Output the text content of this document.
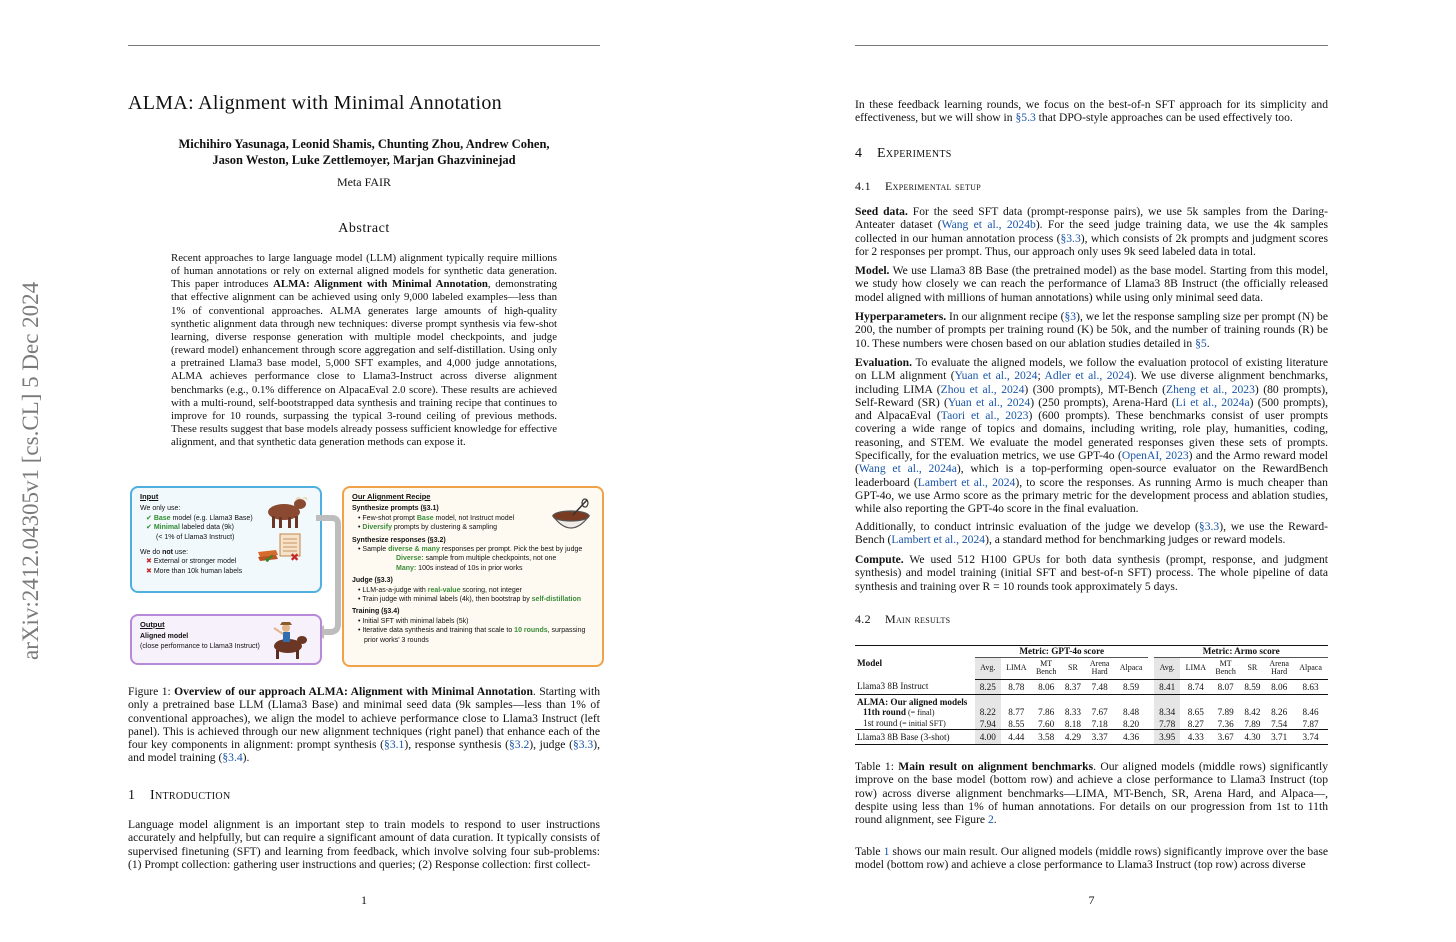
arXiv:2412.04305v1 [cs.CL] 5 Dec 2024
ALMA: Alignment with Minimal Annotation
Michihiro Yasunaga, Leonid Shamis, Chunting Zhou, Andrew Cohen,
Jason Weston, Luke Zettlemoyer, Marjan Ghazvininejad
Meta FAIR
Abstract
Recent approaches to large language model (LLM) alignment typically require millions of human annotations or rely on external aligned models for synthetic data generation. This paper introduces ALMA: Alignment with Minimal Annotation, demonstrating that effective alignment can be achieved using only 9,000 labeled examples—less than 1% of conventional approaches. ALMA generates large amounts of high-quality synthetic alignment data through new techniques: diverse prompt synthesis via few-shot learning, diverse response generation with multiple model checkpoints, and judge (reward model) enhancement through score aggregation and self-distillation. Using only a pretrained Llama3 base model, 5,000 SFT examples, and 4,000 judge annotations, ALMA achieves performance close to Llama3-Instruct across diverse alignment benchmarks (e.g., 0.1% difference on AlpacaEval 2.0 score). These results are achieved with a multi-round, self-bootstrapped data synthesis and training recipe that continues to improve for 10 rounds, surpassing the typical 3-round ceiling of previous methods. These results suggest that base models already possess sufficient knowledge for effective alignment, and that synthetic data generation methods can expose it.
Input
We only use:
✔ Base model (e.g. Llama3 Base)
✔ Minimal labeled data (9k)
(< 1% of Llama3 Instruct)
We do not use:
✖ External or stronger model
✖ More than 10k human labels
✔ ✖
Output
Aligned model
(close performance to Llama3 Instruct)
Our Alignment Recipe
Synthesize prompts (§3.1)
• Few-shot prompt Base model, not Instruct model
• Diversify prompts by clustering & sampling
Synthesize responses (§3.2)
• Sample diverse & many responses per prompt. Pick the best by judge
Diverse: sample from multiple checkpoints, not one
Many: 100s instead of 10s in prior works
Judge (§3.3)
• LLM-as-a-judge with real-value scoring, not integer
• Train judge with minimal labels (4k), then bootstrap by self-distillation
Training (§3.4)
• Initial SFT with minimal labels (5k)
• Iterative data synthesis and training that scale to 10 rounds, surpassing
prior works' 3 rounds
Figure 1: Overview of our approach ALMA: Alignment with Minimal Annotation. Starting with only a pretrained base LLM (Llama3 Base) and minimal seed data (9k samples—less than 1% of conventional approaches), we align the model to achieve performance close to Llama3 Instruct (left panel). This is achieved through our new alignment techniques (right panel) that enhance each of the four key components in alignment: prompt synthesis (§3.1), response synthesis (§3.2), judge (§3.3), and model training (§3.4).
1 Introduction
Language model alignment is an important step to train models to respond to user instructions accurately and helpfully, but can require a significant amount of data curation. It typically consists of supervised finetuning (SFT) and learning from feedback, which involve solving four sub-problems: (1) Prompt collection: gathering user instructions and queries; (2) Response collection: first collect-
1
In these feedback learning rounds, we focus on the best-of-n SFT approach for its simplicity and effectiveness, but we will show in §5.3 that DPO-style approaches can be used effectively too.
4 Experiments
4.1 Experimental setup
Seed data. For the seed SFT data (prompt-response pairs), we use 5k samples from the Daring-Anteater dataset (Wang et al., 2024b). For the seed judge training data, we use the 4k samples collected in our human annotation process (§3.3), which consists of 2k prompts and judgment scores for 2 responses per prompt. Thus, our approach only uses 9k seed labeled data in total.
Model. We use Llama3 8B Base (the pretrained model) as the base model. Starting from this model, we study how closely we can reach the performance of Llama3 8B Instruct (the officially released model aligned with millions of human annotations) while using only minimal seed data.
Hyperparameters. In our alignment recipe (§3), we let the response sampling size per prompt (N) be 200, the number of prompts per training round (K) be 50k, and the number of training rounds (R) be 10. These numbers were chosen based on our ablation studies detailed in §5.
Evaluation. To evaluate the aligned models, we follow the evaluation protocol of existing literature on LLM alignment (Yuan et al., 2024; Adler et al., 2024). We use diverse alignment benchmarks, including LIMA (Zhou et al., 2024) (300 prompts), MT-Bench (Zheng et al., 2023) (80 prompts), Self-Reward (SR) (Yuan et al., 2024) (250 prompts), Arena-Hard (Li et al., 2024a) (500 prompts), and AlpacaEval (Taori et al., 2023) (600 prompts). These benchmarks consist of user prompts covering a wide range of topics and domains, including writing, role play, humanities, coding, reasoning, and STEM. We evaluate the model generated responses given these sets of prompts. Specifically, for the evaluation metrics, we use GPT-4o (OpenAI, 2023) and the Armo reward model (Wang et al., 2024a), which is a top-performing open-source evaluator on the RewardBench leaderboard (Lambert et al., 2024), to score the responses. As running Armo is much cheaper than GPT-4o, we use Armo score as the primary metric for the development process and ablation studies, while also reporting the GPT-4o score in the final evaluation.
Additionally, to conduct intrinsic evaluation of the judge we develop (§3.3), we use the Reward-Bench (Lambert et al., 2024), a standard method for benchmarking judges or reward models.
Compute. We used 512 H100 GPUs for both data synthesis (prompt, response, and judgment synthesis) and model training (initial SFT and best-of-n SFT) process. The whole pipeline of data synthesis and training over R = 10 rounds took approximately 5 days.
4.2 Main results
Model	Metric: GPT-4o score							Metric: Armo score					
	Avg.	LIMA	MT Bench	SR	Arena Hard	Alpaca		Avg.	LIMA	MT Bench	SR	Arena Hard	Alpaca
Llama3 8B Instruct	8.25	8.78	8.06	8.37	7.48	8.59		8.41	8.74	8.07	8.59	8.06	8.63
ALMA: Our aligned models													
11th round (= final)	8.22	8.77	7.86	8.33	7.67	8.48		8.34	8.65	7.89	8.42	8.26	8.46
1st round (= initial SFT)	7.94	8.55	7.60	8.18	7.18	8.20		7.78	8.27	7.36	7.89	7.54	7.87
Llama3 8B Base (3-shot)	4.00	4.44	3.58	4.29	3.37	4.36		3.95	4.33	3.67	4.30	3.71	3.74
Table 1: Main result on alignment benchmarks. Our aligned models (middle rows) significantly improve on the base model (bottom row) and achieve a close performance to Llama3 Instruct (top row) across diverse alignment benchmarks—LIMA, MT-Bench, SR, Arena Hard, and Alpaca—, despite using less than 1% of human annotations. For details on our progression from 1st to 11th round alignment, see Figure 2.
Table 1 shows our main result. Our aligned models (middle rows) significantly improve over the base model (bottom row) and achieve a close performance to Llama3 Instruct (top row) across diverse
7
